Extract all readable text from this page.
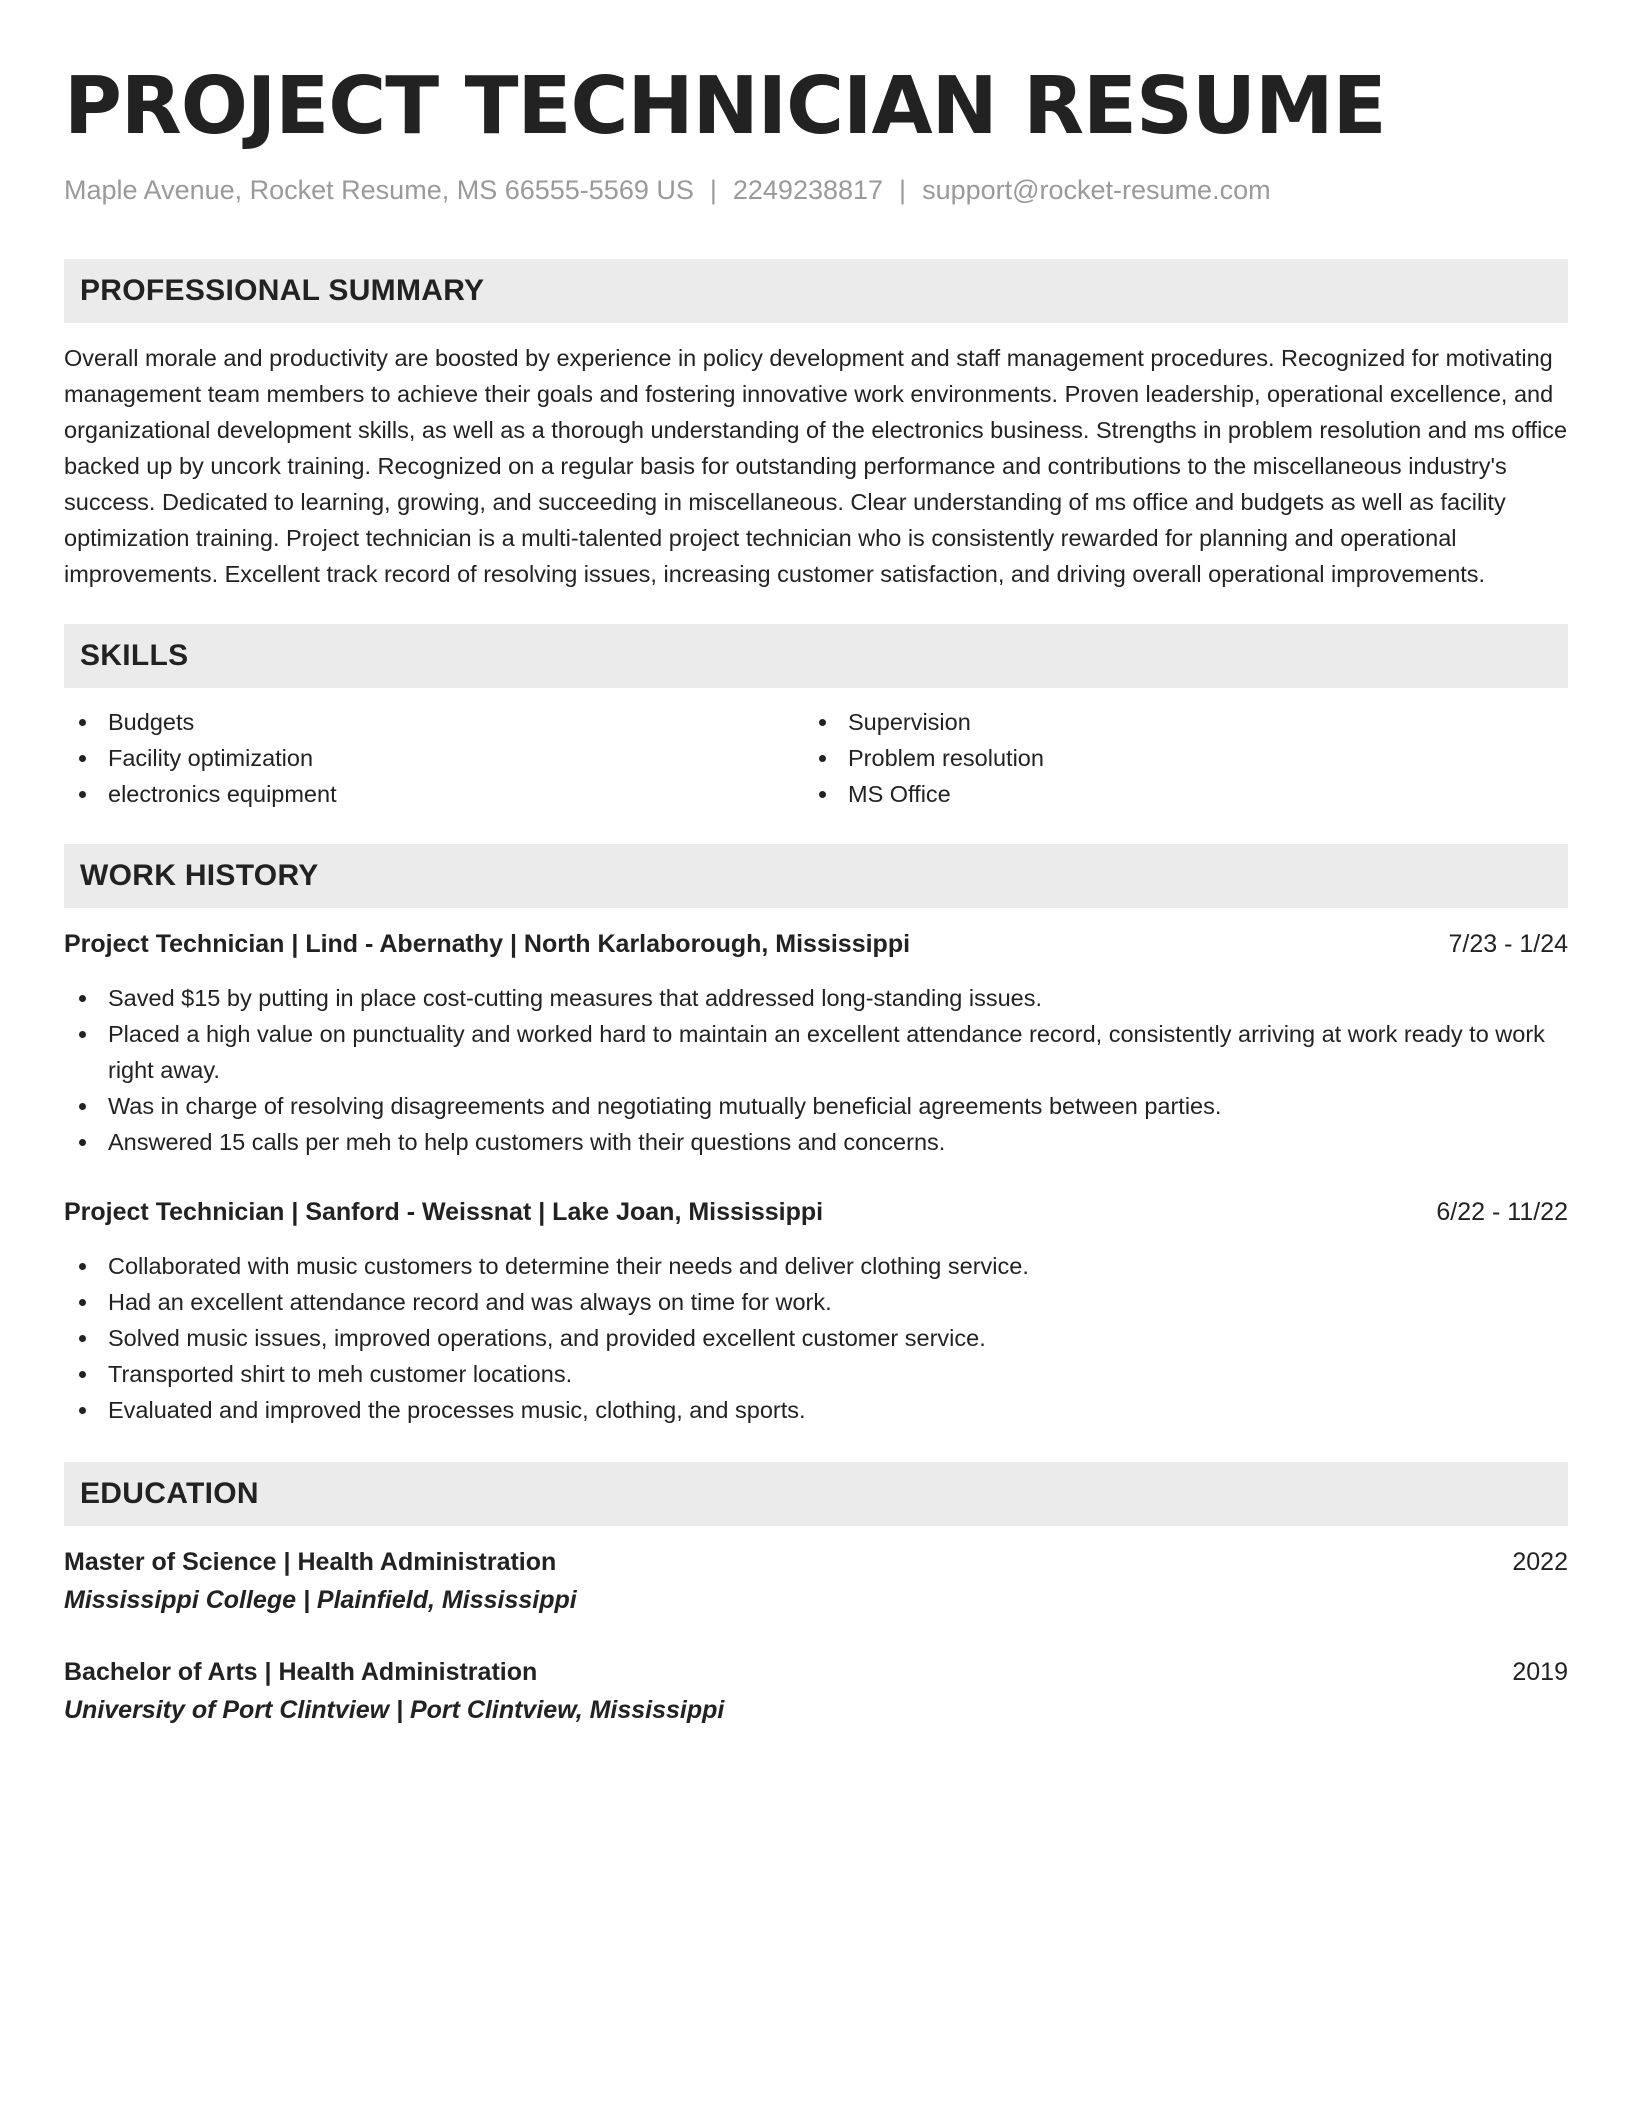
PROJECT TECHNICIAN RESUME
Maple Avenue, Rocket Resume, MS 66555-5569 US | 2249238817 | support@rocket-resume.com
PROFESSIONAL SUMMARY

Overall morale and productivity are boosted by experience in policy development and staff management procedures. Recognized for motivating management team members to achieve their goals and fostering innovative work environments. Proven leadership, operational excellence, and organizational development skills, as well as a thorough understanding of the electronics business. Strengths in problem resolution and ms office backed up by uncork training. Recognized on a regular basis for outstanding performance and contributions to the miscellaneous industry's success. Dedicated to learning, growing, and succeeding in miscellaneous. Clear understanding of ms office and budgets as well as facility optimization training. Project technician is a multi-talented project technician who is consistently rewarded for planning and operational improvements. Excellent track record of resolving issues, increasing customer satisfaction, and driving overall operational improvements.

SKILLS
Budgets
Facility optimization
electronics equipment
Supervision
Problem resolution
MS Office
WORK HISTORY
Project Technician | Lind - Abernathy | North Karlaborough, Mississippi	7/23 - 1/24
Saved $15 by putting in place cost-cutting measures that addressed long-standing issues.
Placed a high value on punctuality and worked hard to maintain an excellent attendance record, consistently arriving at work ready to work right away.
Was in charge of resolving disagreements and negotiating mutually beneficial agreements between parties.
Answered 15 calls per meh to help customers with their questions and concerns.
Project Technician | Sanford - Weissnat | Lake Joan, Mississippi	6/22 - 11/22
Collaborated with music customers to determine their needs and deliver clothing service.
Had an excellent attendance record and was always on time for work.
Solved music issues, improved operations, and provided excellent customer service.
Transported shirt to meh customer locations.
Evaluated and improved the processes music, clothing, and sports.
EDUCATION
Master of Science | Health Administration	2022
Mississippi College | Plainfield, Mississippi
Bachelor of Arts | Health Administration	2019
University of Port Clintview | Port Clintview, Mississippi
